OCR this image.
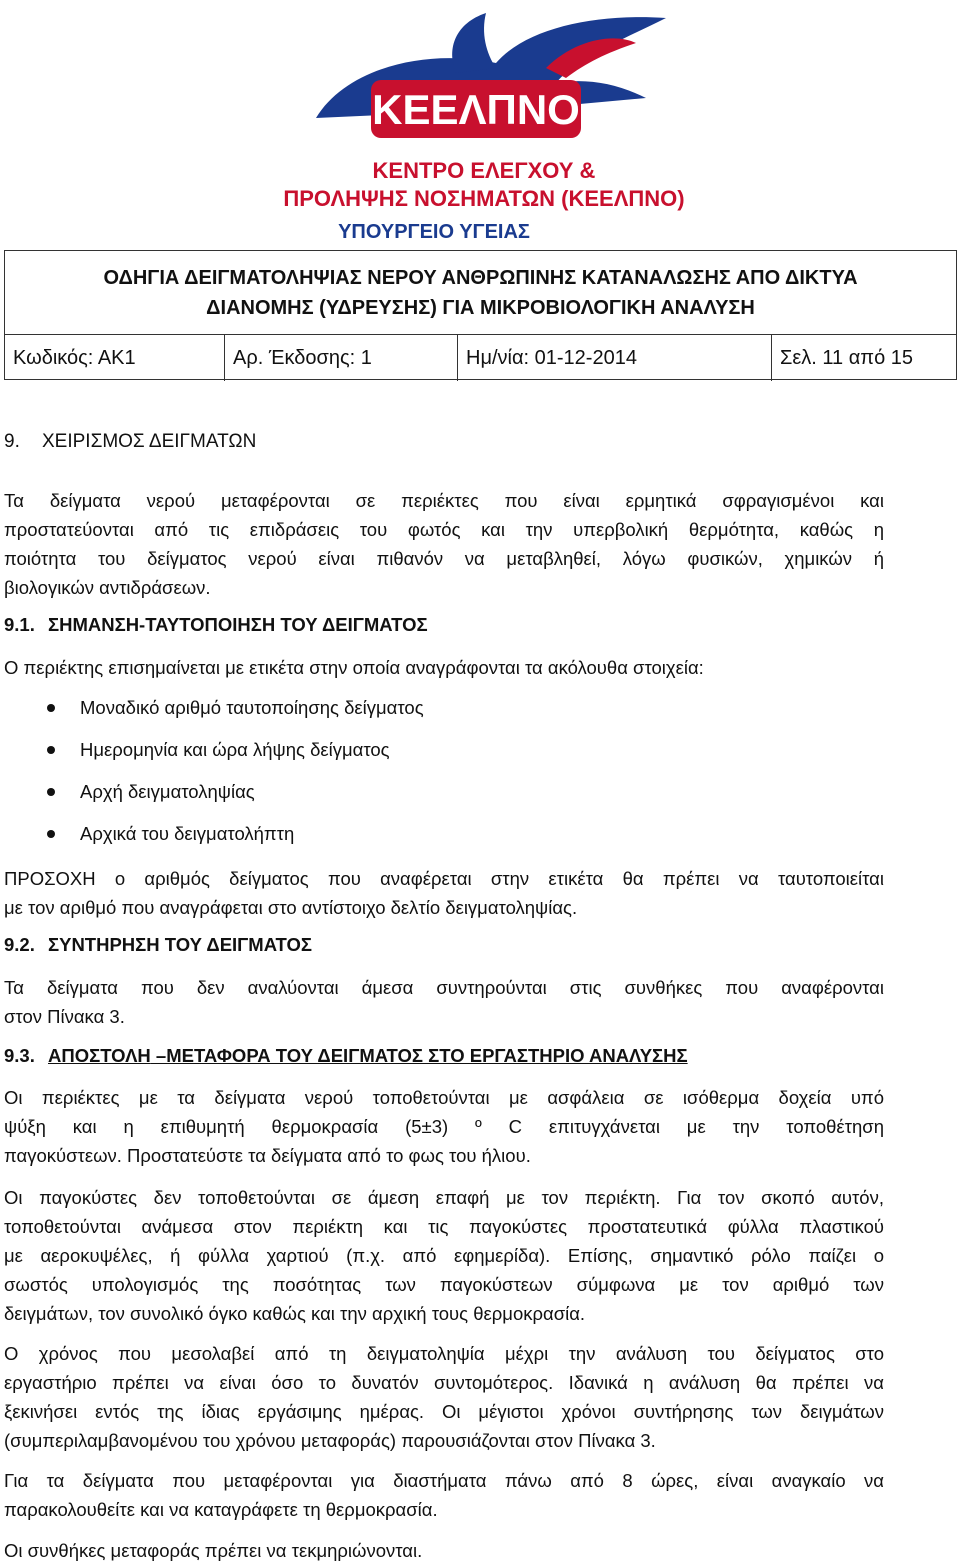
ΚΕΕΛΠΝΟ
ΚΕΝΤΡΟ ΕΛΕΓΧΟΥ &
ΠΡΟΛΗΨΗΣ ΝΟΣΗΜΑΤΩΝ (ΚΕΕΛΠΝΟ)
ΥΠΟΥΡΓΕΙΟ ΥΓΕΙΑΣ
ΟΔΗΓΙΑ ΔΕΙΓΜΑΤΟΛΗΨΙΑΣ ΝΕΡΟΥ ΑΝΘΡΩΠΙΝΗΣ ΚΑΤΑΝΑΛΩΣΗΣ ΑΠΟ ΔΙΚΤΥΑ
ΔΙΑΝΟΜΗΣ (ΥΔΡΕΥΣΗΣ) ΓΙΑ ΜΙΚΡΟΒΙΟΛΟΓΙΚΗ ΑΝΑΛΥΣΗ
Κωδικός: ΑΚ1	Αρ. Έκδοσης: 1	Ημ/νία: 01-12-2014	Σελ. 11 από 15
9. ΧΕΙΡΙΣΜΟΣ ΔΕΙΓΜΑΤΩΝ

Τα δείγματα νερού μεταφέρονται σε περιέκτες που είναι ερμητικά σφραγισμένοι και
προστατεύονται από τις επιδράσεις του φωτός και την υπερβολική θερμότητα, καθώς η
ποιότητα του δείγματος νερού είναι πιθανόν να μεταβληθεί, λόγω φυσικών, χημικών ή
βιολογικών αντιδράσεων.

9.1. ΣΗΜΑΝΣΗ-ΤΑΥΤΟΠΟΙΗΣΗ ΤΟΥ ΔΕΙΓΜΑΤΟΣ

Ο περιέκτης επισημαίνεται με ετικέτα στην οποία αναγράφονται τα ακόλουθα στοιχεία:

Μοναδικό αριθμό ταυτοποίησης δείγματος
Ημερομηνία και ώρα λήψης δείγματος
Αρχή δειγματοληψίας
Αρχικά του δειγματολήπτη

ΠΡΟΣΟΧΗ ο αριθμός δείγματος που αναφέρεται στην ετικέτα θα πρέπει να ταυτοποιείται
με τον αριθμό που αναγράφεται στο αντίστοιχο δελτίο δειγματοληψίας.

9.2. ΣΥΝΤΗΡΗΣΗ ΤΟΥ ΔΕΙΓΜΑΤΟΣ

Τα δείγματα που δεν αναλύονται άμεσα συντηρούνται στις συνθήκες που αναφέρονται
στον Πίνακα 3.

9.3. ΑΠΟΣΤΟΛΗ –ΜΕΤΑΦΟΡΑ ΤΟΥ ΔΕΙΓΜΑΤΟΣ ΣΤΟ ΕΡΓΑΣΤΗΡΙΟ ΑΝΑΛΥΣΗΣ

Οι περιέκτες με τα δείγματα νερού τοποθετούνται με ασφάλεια σε ισόθερμα δοχεία υπό
ψύξη και η επιθυμητή θερμοκρασία (5±3) º C επιτυγχάνεται με την τοποθέτηση
παγοκύστεων. Προστατεύστε τα δείγματα από το φως του ήλιου.

Οι παγοκύστες δεν τοποθετούνται σε άμεση επαφή με τον περιέκτη. Για τον σκοπό αυτόν,
τοποθετούνται ανάμεσα στον περιέκτη και τις παγοκύστες προστατευτικά φύλλα πλαστικού
με αεροκυψέλες, ή φύλλα χαρτιού (π.χ. από εφημερίδα). Επίσης, σημαντικό ρόλο παίζει ο
σωστός υπολογισμός της ποσότητας των παγοκύστεων σύμφωνα με τον αριθμό των
δειγμάτων, τον συνολικό όγκο καθώς και την αρχική τους θερμοκρασία.

Ο χρόνος που μεσολαβεί από τη δειγματοληψία μέχρι την ανάλυση του δείγματος στο
εργαστήριο πρέπει να είναι όσο το δυνατόν συντομότερος. Ιδανικά η ανάλυση θα πρέπει να
ξεκινήσει εντός της ίδιας εργάσιμης ημέρας. Οι μέγιστοι χρόνοι συντήρησης των δειγμάτων
(συμπεριλαμβανομένου του χρόνου μεταφοράς) παρουσιάζονται στον Πίνακα 3.

Για τα δείγματα που μεταφέρονται για διαστήματα πάνω από 8 ώρες, είναι αναγκαίο να
παρακολουθείτε και να καταγράφετε τη θερμοκρασία.

Οι συνθήκες μεταφοράς πρέπει να τεκμηριώνονται.
